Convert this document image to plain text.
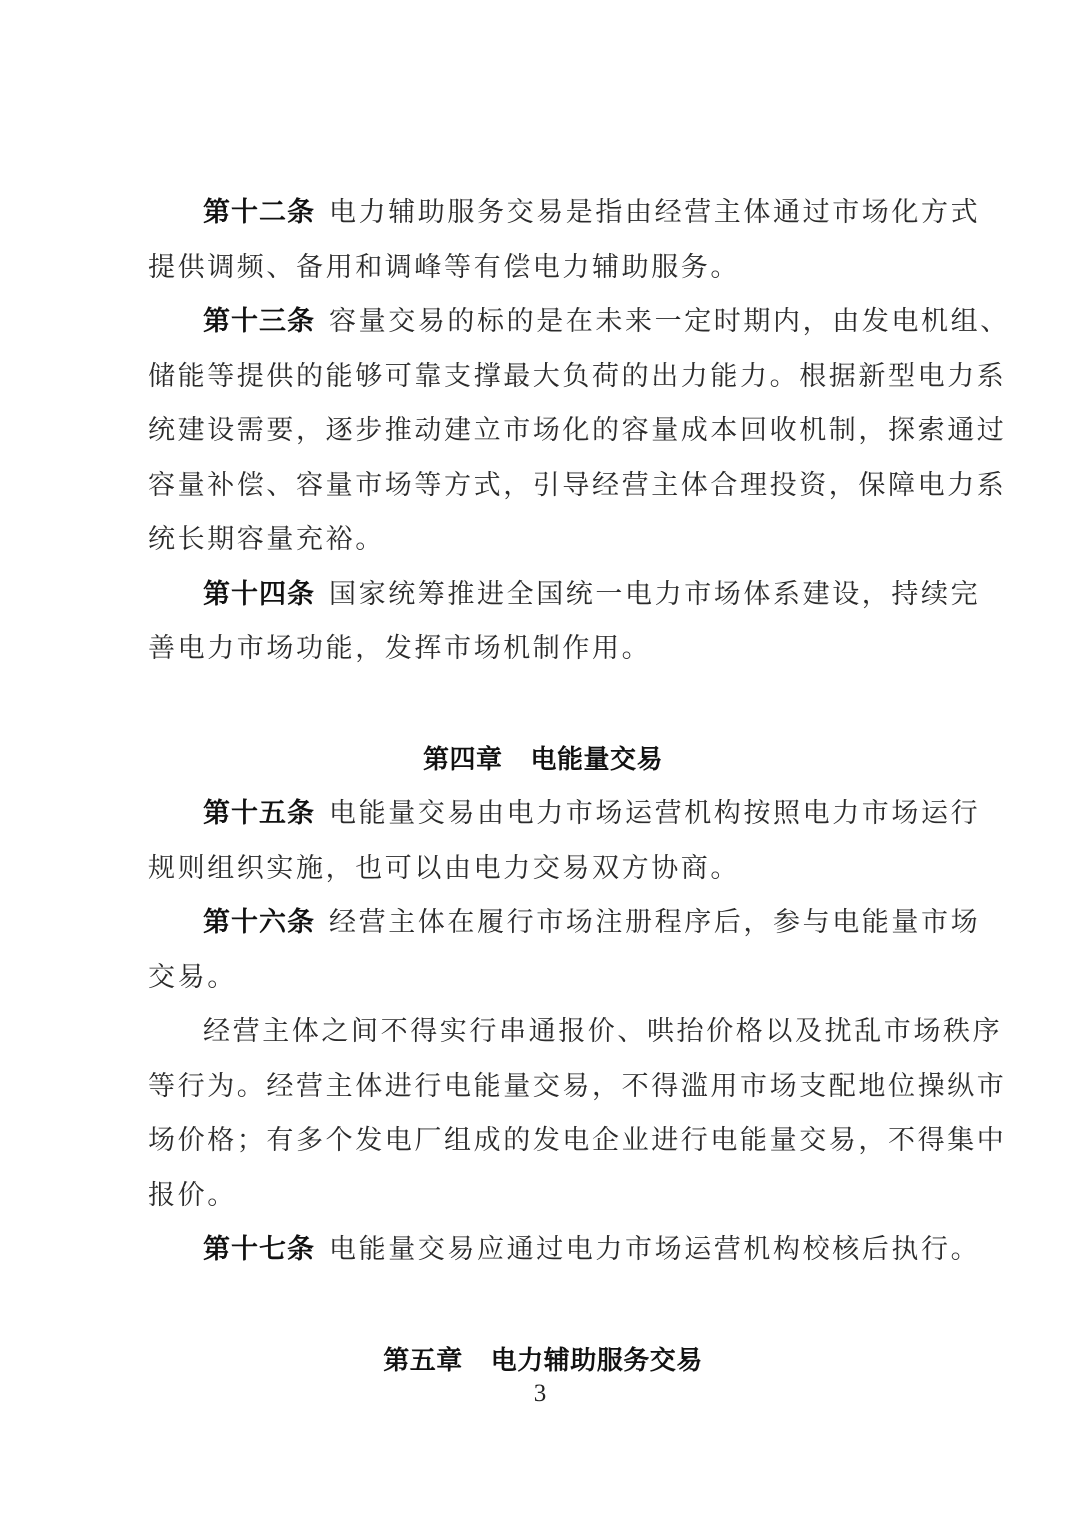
第十二条 电力辅助服务交易是指由经营主体通过市场化方式
提供调频、备用和调峰等有偿电力辅助服务。
第十三条 容量交易的标的是在未来一定时期内，由发电机组、
储能等提供的能够可靠支撑最大负荷的出力能力。根据新型电力系
统建设需要，逐步推动建立市场化的容量成本回收机制，探索通过
容量补偿、容量市场等方式，引导经营主体合理投资，保障电力系
统长期容量充裕。
第十四条 国家统筹推进全国统一电力市场体系建设，持续完
善电力市场功能，发挥市场机制作用。
第四章 电能量交易
第十五条 电能量交易由电力市场运营机构按照电力市场运行
规则组织实施，也可以由电力交易双方协商。
第十六条 经营主体在履行市场注册程序后，参与电能量市场
交易。
经营主体之间不得实行串通报价、哄抬价格以及扰乱市场秩序
等行为。经营主体进行电能量交易，不得滥用市场支配地位操纵市
场价格；有多个发电厂组成的发电企业进行电能量交易，不得集中
报价。
第十七条 电能量交易应通过电力市场运营机构校核后执行。
第五章 电力辅助服务交易
3
